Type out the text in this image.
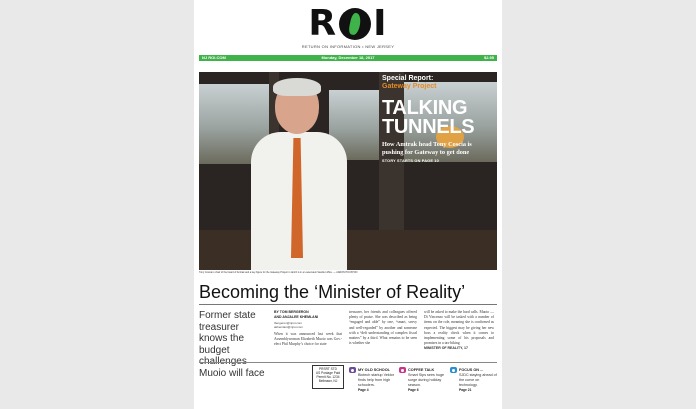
R I
RETURN ON INFORMATION • NEW JERSEY
NJ ROI.COM	Monday, December 18, 2017	$2.95
Special Report:
Gateway Project
TALKING TUNNELS
How Amtrak head Tony Coscia is pushing for Gateway to get done
STORY STARTS ON PAGE 10
Tony Coscia is chair of the board of Amtrak and a key figure for the Gateway Project in which is in a Lowenstein Sandler office. — AARON HOUSTON
Becoming the ‘Minister of Reality’
Former state treasurer knows the budget challenges Muoio will face
BY TOM BERGERON
AND ANJALEE KHEMLANI
tbergeron@njroi.com
akhemlani@njroi.com
When it was announced last week that Assemblywoman Elizabeth Muoio was Gov.-elect Phil Murphy’s choice for state
treasurer, her friends and colleagues offered plenty of praise. She was described as being “engaged and able” by one, “smart, savvy and well-regarded” by another and someone with a “deft understanding of complex fiscal matters” by a third. What remains to be seen is whether she
will be asked to make the hard calls. Muoio — Di Vincenzo will be tasked with a number of items on the role, meaning she is confirmed as expected. The biggest may be giving her new boss a reality check when it comes to implementing some of his proposals and promises in a tax-hiking
MINISTER OF REALITY, 17
PRSRT STD
US Postage Paid
Permit No. 1234
Bellmawr, NJ
MY OLD SCHOOL
Biotech startup Vektor finds help from high schoolers.
Page 4
COFFEE TALK
Smart Sips sees huge surge during holiday season.
Page 6
FOCUS ON ...
SJDC staying ahead of the curve on technology.
Page 21
